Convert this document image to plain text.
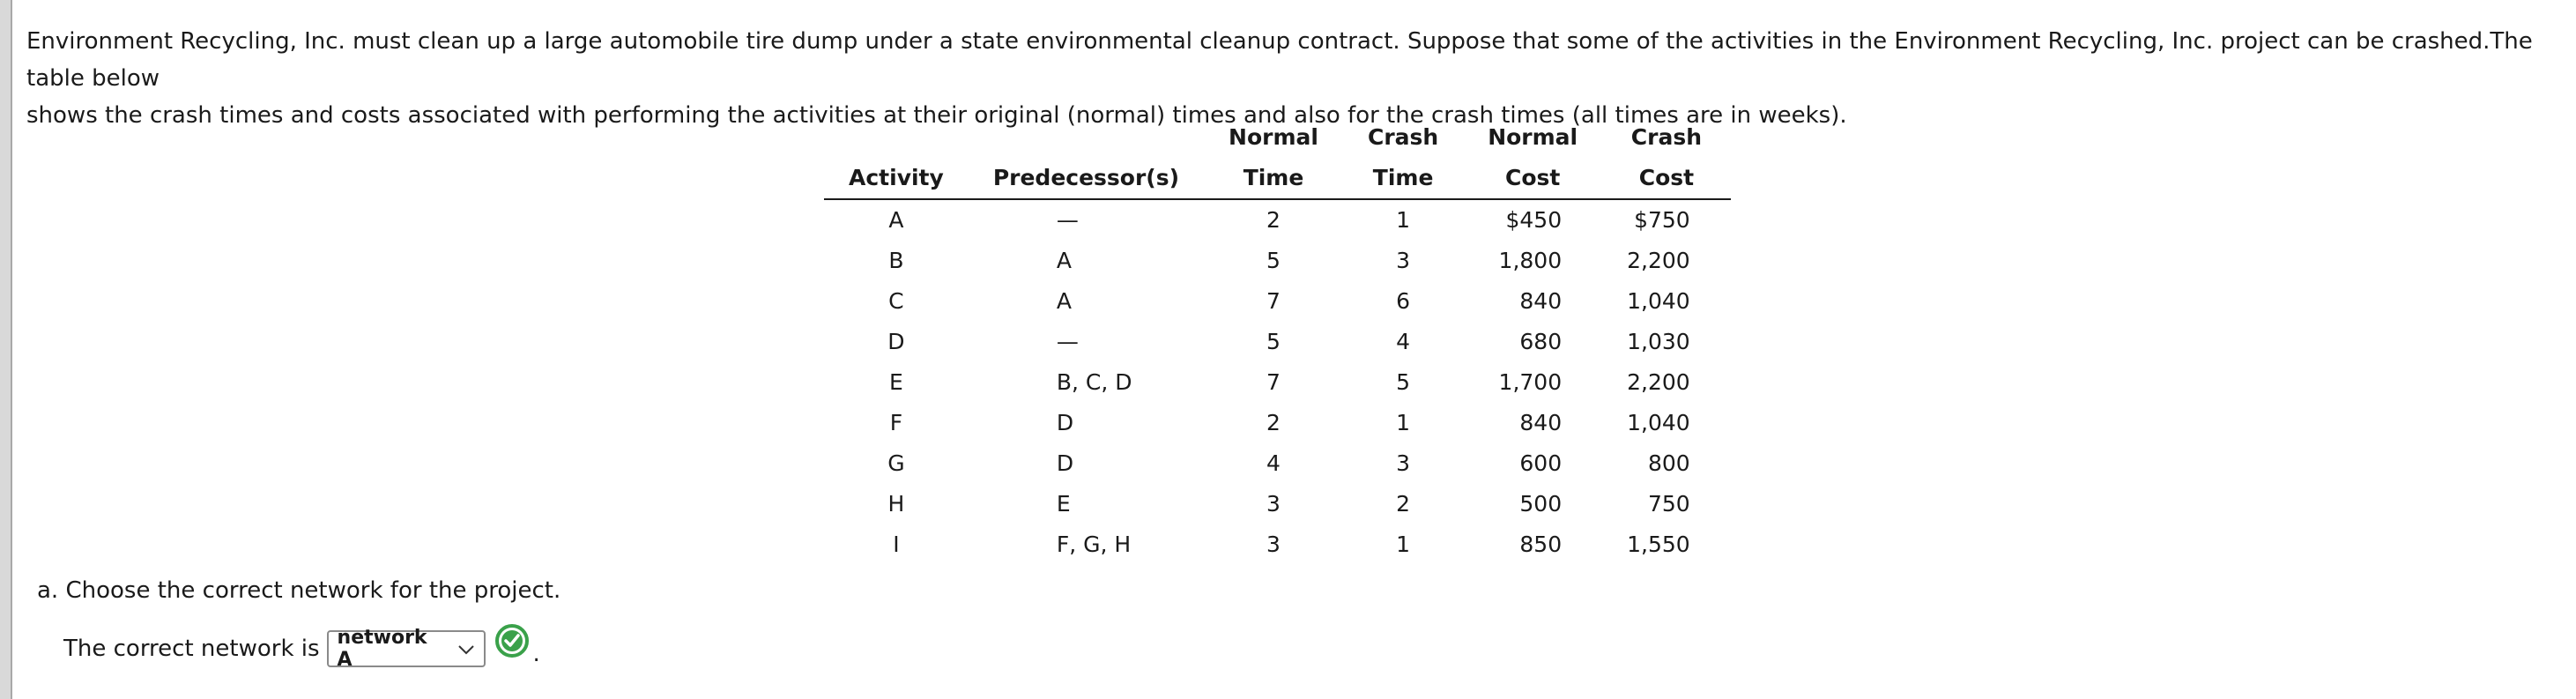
Environment Recycling, Inc. must clean up a large automobile tire dump under a state environmental cleanup contract. Suppose that some of the activities in the Environment Recycling, Inc. project can be crashed.The table below
shows the crash times and costs associated with performing the activities at their original (normal) times and also for the crash times (all times are in weeks).

		Normal	Crash	Normal	Crash
Activity	Predecessor(s)	Time	Time	Cost	Cost
A	—	2	1	$450	$750
B	A	5	3	1,800	2,200
C	A	7	6	840	1,040
D	—	5	4	680	1,030
E	B, C, D	7	5	1,700	2,200
F	D	2	1	840	1,040
G	D	4	3	600	800
H	E	3	2	500	750
I	F, G, H	3	1	850	1,550
a. Choose the correct network for the project.
The correct network is network A	.
